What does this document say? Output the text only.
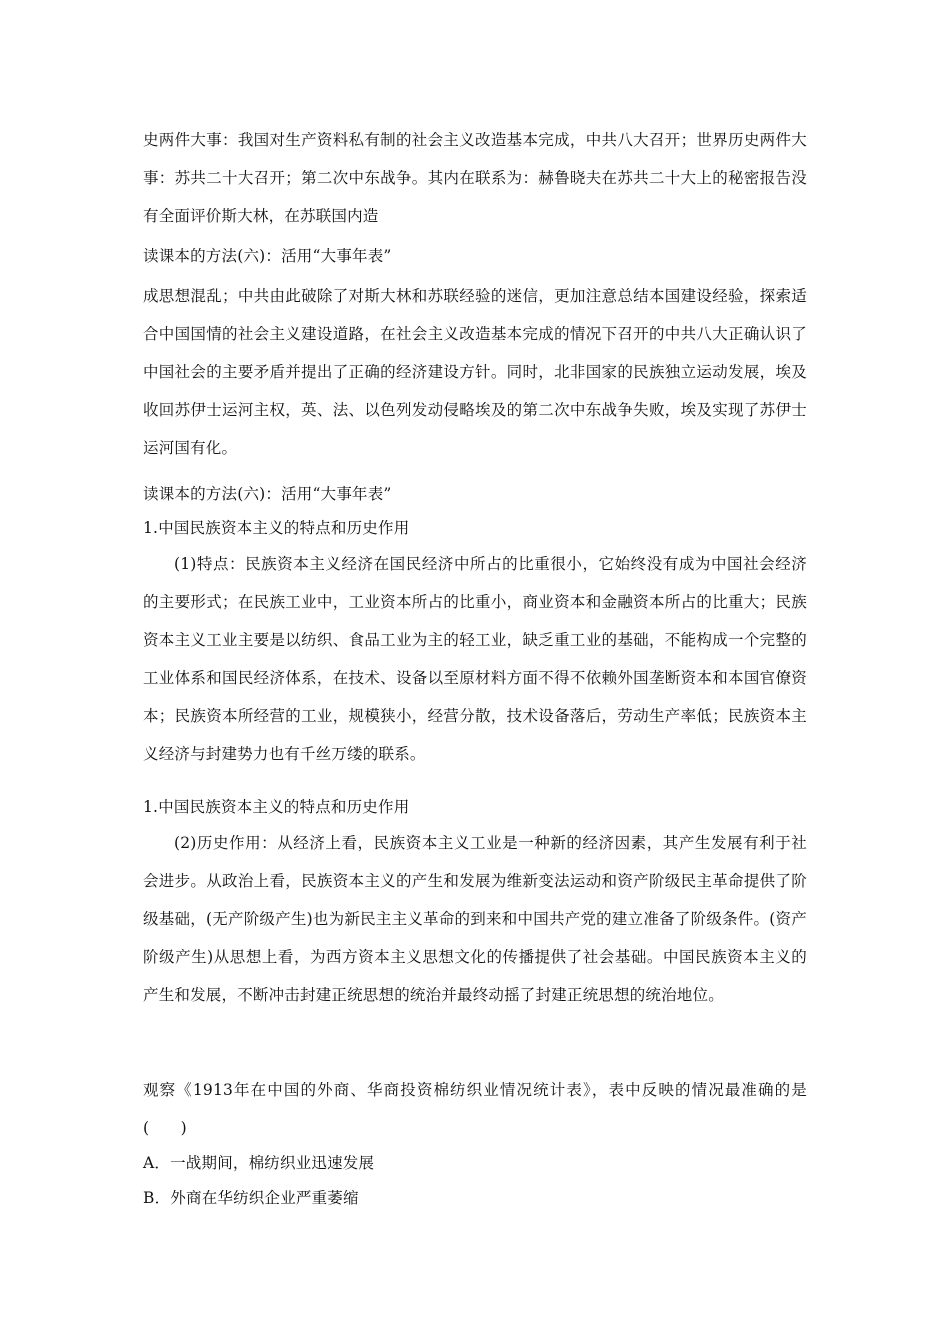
史两件大事：我国对生产资料私有制的社会主义改造基本完成，中共八大召开；世界历史两件大事：苏共二十大召开；第二次中东战争。其内在联系为：赫鲁晓夫在苏共二十大上的秘密报告没有全面评价斯大林，在苏联国内造
读课本的方法(六)：活用“大事年表”
成思想混乱；中共由此破除了对斯大林和苏联经验的迷信，更加注意总结本国建设经验，探索适合中国国情的社会主义建设道路，在社会主义改造基本完成的情况下召开的中共八大正确认识了中国社会的主要矛盾并提出了正确的经济建设方针。同时，北非国家的民族独立运动发展，埃及收回苏伊士运河主权，英、法、以色列发动侵略埃及的第二次中东战争失败，埃及实现了苏伊士运河国有化。
读课本的方法(六)：活用“大事年表”
1.中国民族资本主义的特点和历史作用
(1)特点：民族资本主义经济在国民经济中所占的比重很小，它始终没有成为中国社会经济的主要形式；在民族工业中，工业资本所占的比重小，商业资本和金融资本所占的比重大；民族资本主义工业主要是以纺织、食品工业为主的轻工业，缺乏重工业的基础，不能构成一个完整的工业体系和国民经济体系，在技术、设备以至原材料方面不得不依赖外国垄断资本和本国官僚资本；民族资本所经营的工业，规模狭小，经营分散，技术设备落后，劳动生产率低；民族资本主义经济与封建势力也有千丝万缕的联系。
1.中国民族资本主义的特点和历史作用
(2)历史作用：从经济上看，民族资本主义工业是一种新的经济因素，其产生发展有利于社会进步。从政治上看，民族资本主义的产生和发展为维新变法运动和资产阶级民主革命提供了阶级基础，(无产阶级产生)也为新民主主义革命的到来和中国共产党的建立准备了阶级条件。(资产阶级产生)从思想上看，为西方资本主义思想文化的传播提供了社会基础。中国民族资本主义的产生和发展，不断冲击封建正统思想的统治并最终动摇了封建正统思想的统治地位。
观察《1913年在中国的外商、华商投资棉纺织业情况统计表》，表中反映的情况最准确的是(　　)
A．一战期间，棉纺织业迅速发展
B．外商在华纺织企业严重萎缩
